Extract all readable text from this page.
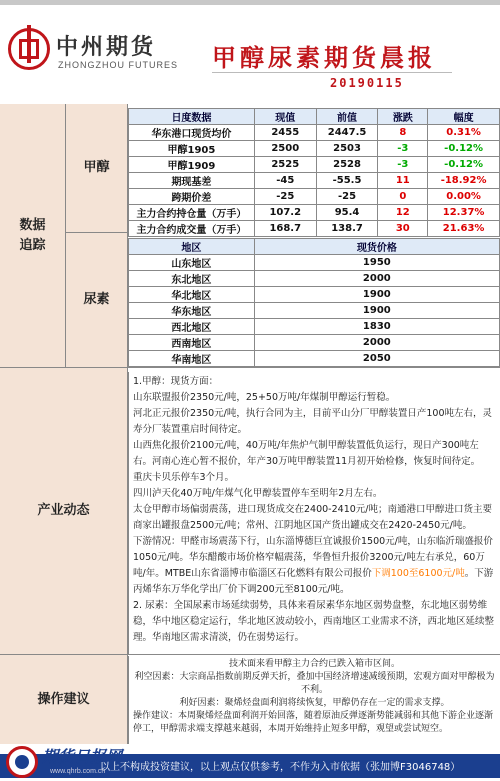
中州期货
ZHONGZHOU FUTURES 甲醇尿素期货晨报
20190115
数据追踪
甲醇
尿素
日度数据	现值	前值	涨跌	幅度
华东港口现货均价	2455	2447.5	8	0.31%
甲醇1905	2500	2503	-3	-0.12%
甲醇1909	2525	2528	-3	-0.12%
期现基差	-45	-55.5	11	-18.92%
跨期价差	-25	-25	0	0.00%
主力合约持仓量（万手）	107.2	95.4	12	12.37%
主力合约成交量（万手）	168.7	138.7	30	21.63%
地区	现货价格
山东地区	1950
东北地区	2000
华北地区	1900
华东地区	1900
西北地区	1830
西南地区	2000
华南地区	2050
产业动态

1.甲醇：现货方面：

山东联盟报价2350元/吨，25+50万吨/年煤制甲醇运行暂稳。

河北正元报价2350元/吨，执行合同为主，目前平山分厂甲醇装置日产100吨左右，灵寿分厂装置重启时间待定。

山西焦化报价2100元/吨，40万吨/年焦炉气制甲醇装置低负运行，现日产300吨左右。河南心连心暂不报价，年产30万吨甲醇装置11月初开始检修，恢复时间待定。

重庆卡贝乐停车3个月。

四川泸天化40万吨/年煤气化甲醇装置停车至明年2月左右。

太仓甲醇市场偏弱震荡，进口现货成交在2400-2410元/吨；南通港口甲醇进口货主要商家出罐报盘2500元/吨；常州、江阴地区国产货出罐成交在2420-2450元/吨。

下游情况：甲醛市场震荡下行，山东淄博德巨宜诚报价1500元/吨，山东临沂瑞盛报价1050元/吨。华东醋酸市场价格窄幅震荡，华鲁恒升报价3200元/吨左右承兑，60万吨/年。MTBE山东省淄博市临淄区石化燃料有限公司报价下调100至6100元/吨。下游丙烯华东万华化学出厂价下调200元至8100元/吨。

2. 尿素：全国尿素市场延续弱势，具体来看尿素华东地区弱势盘整，东北地区弱势维稳，华中地区稳定运行，华北地区波动较小，西南地区工业需求不济，西北地区延续整理。华南地区需求清淡，仍在弱势运行。

操作建议

技术面来看甲醇主力合约已跌入箱市区间。

利空因素：大宗商品指数前期反弹天折，叠加中国经济增速减缓预期，宏观方面对甲醇极为不利。

利好因素：聚烯烃盘面利润将续恢复，甲醇仍存在一定的需求支撑。

操作建议：本周聚烯烃盘面利润开始回落，随着原油反弹逐渐势能减弱和其他下游企业逐渐停工，甲醇需求端支撑越来越弱，本周开始维持止短多甲醇，观望或尝试短空。

期货日报网
www.qhrb.com.cn
以上不构成投资建议，以上观点仅供参考，不作为入市依据（张加博F3046748）
